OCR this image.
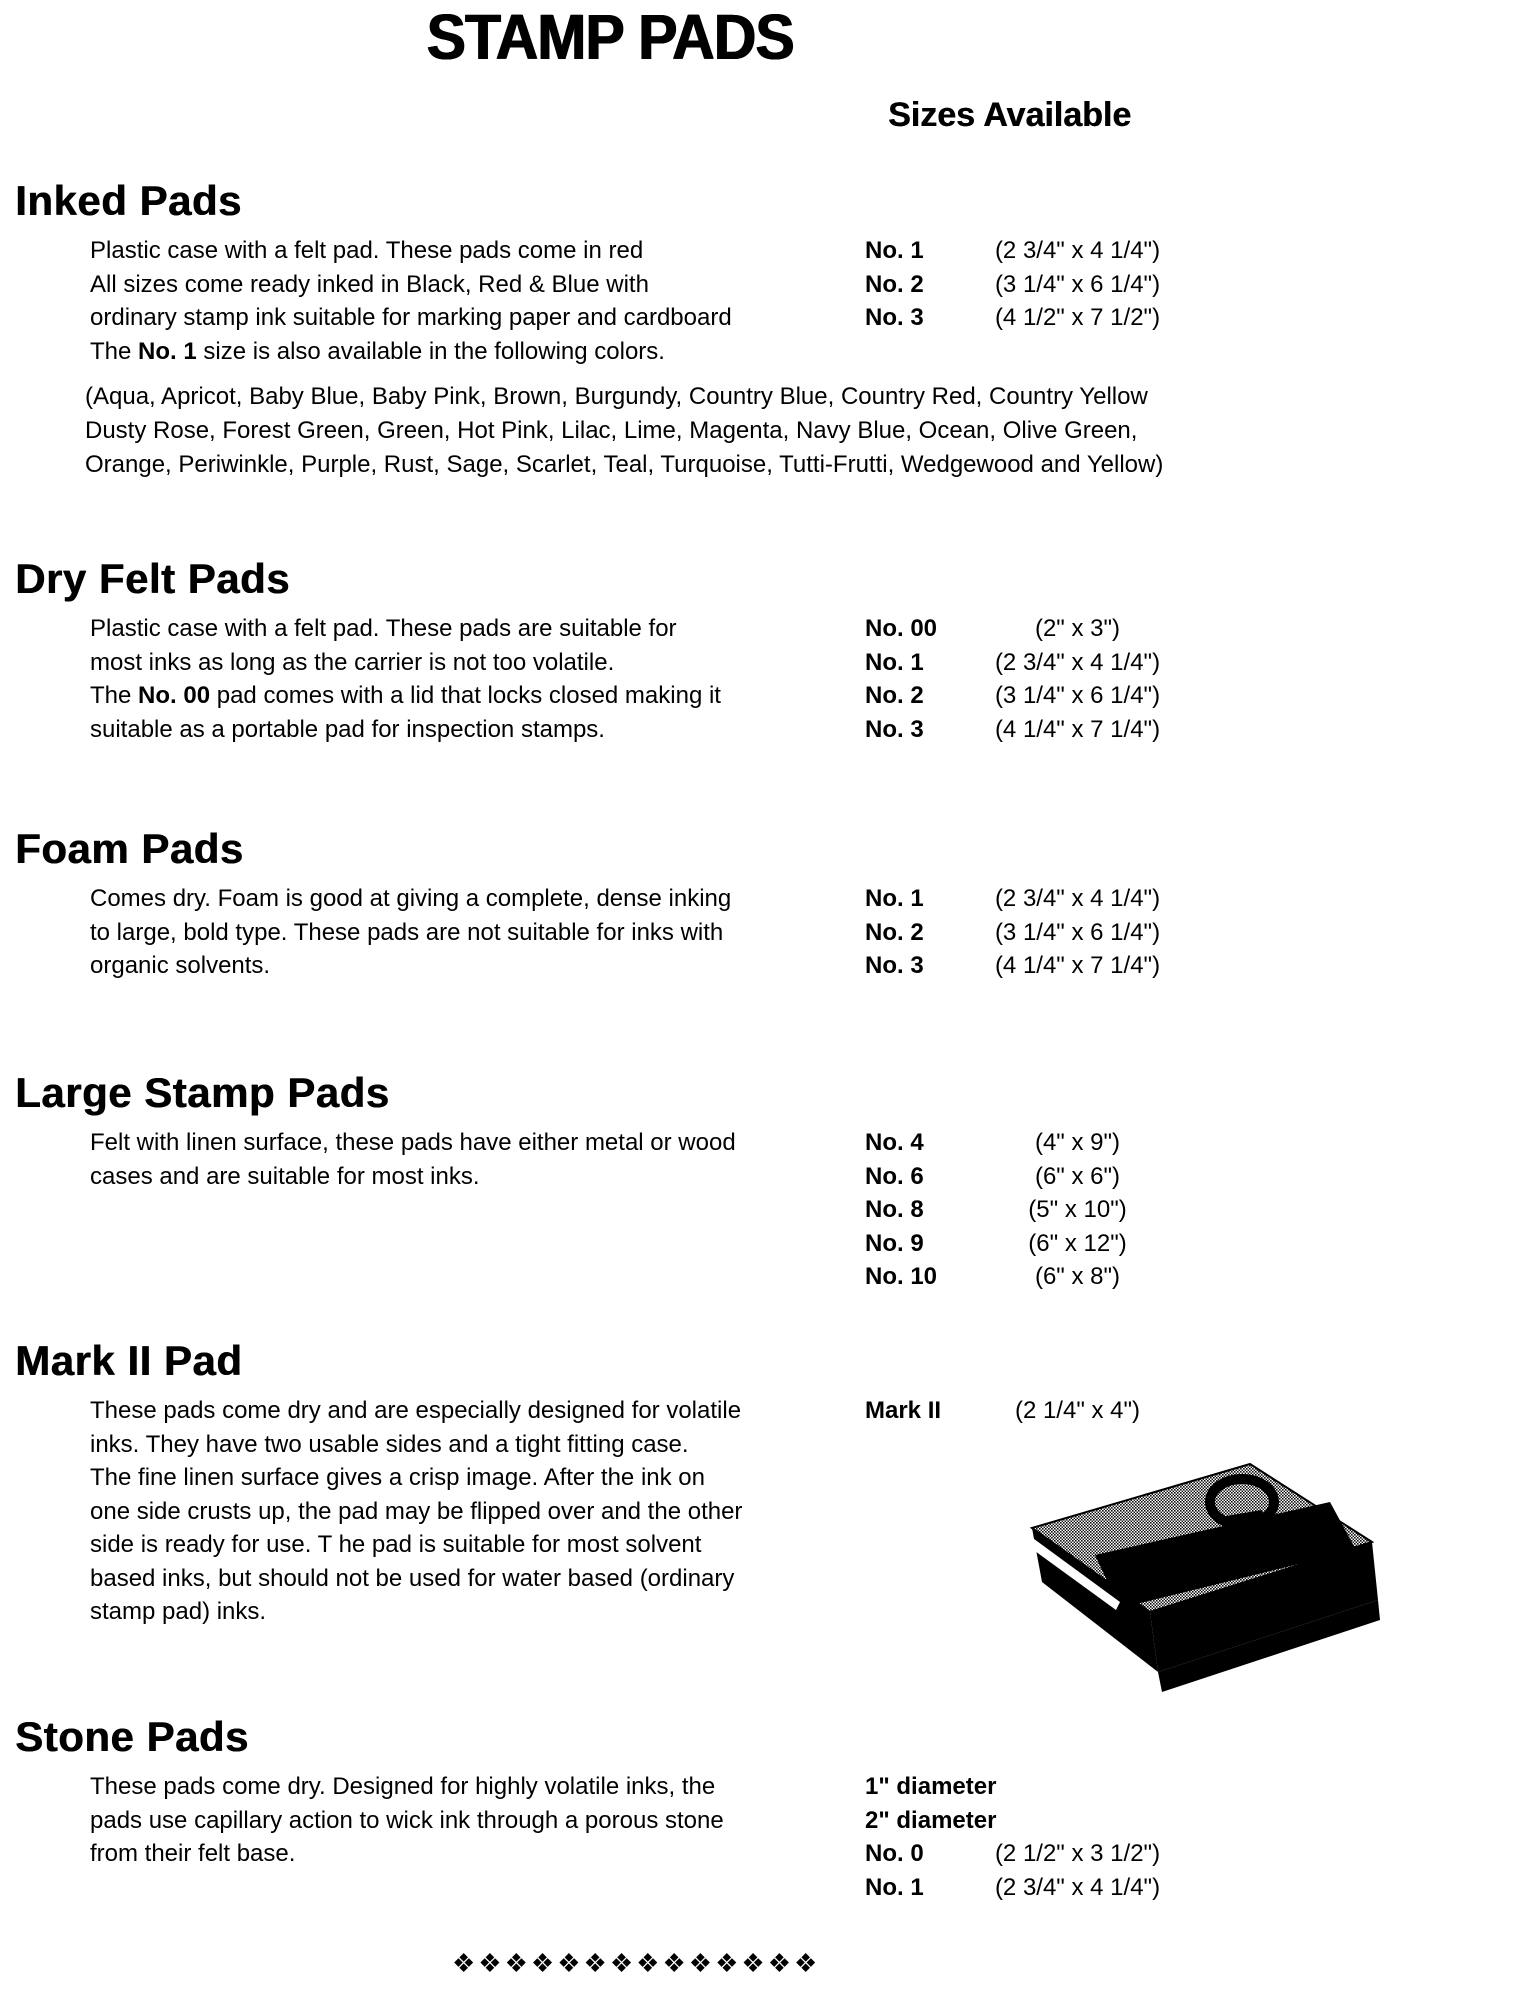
STAMP PADS
Sizes Available
Inked Pads
Plastic case with a felt pad. These pads come in red
All sizes come ready inked in Black, Red & Blue with
ordinary stamp ink suitable for marking paper and cardboard
The No. 1 size is also available in the following colors.
(Aqua, Apricot, Baby Blue, Baby Pink, Brown, Burgundy, Country Blue, Country Red, Country Yellow
Dusty Rose, Forest Green, Green, Hot Pink, Lilac, Lime, Magenta, Navy Blue, Ocean, Olive Green,
Orange, Periwinkle, Purple, Rust, Sage, Scarlet, Teal, Turquoise, Tutti-Frutti, Wedgewood and Yellow)
No. 1	(2 3/4" x 4 1/4")
No. 2	(3 1/4" x 6 1/4")
No. 3	(4 1/2" x 7 1/2")
Dry Felt Pads
Plastic case with a felt pad. These pads are suitable for
most inks as long as the carrier is not too volatile.
The No. 00 pad comes with a lid that locks closed making it
suitable as a portable pad for inspection stamps.
No. 00	(2" x 3")
No. 1	(2 3/4" x 4 1/4")
No. 2	(3 1/4" x 6 1/4")
No. 3	(4 1/4" x 7 1/4")
Foam Pads
Comes dry. Foam is good at giving a complete, dense inking
to large, bold type. These pads are not suitable for inks with
organic solvents.
No. 1	(2 3/4" x 4 1/4")
No. 2	(3 1/4" x 6 1/4")
No. 3	(4 1/4" x 7 1/4")
Large Stamp Pads
Felt with linen surface, these pads have either metal or wood
cases and are suitable for most inks.
No. 4	(4" x 9")
No. 6	(6" x 6")
No. 8	(5" x 10")
No. 9	(6" x 12")
No. 10	(6" x 8")
Mark II Pad
These pads come dry and are especially designed for volatile
inks. They have two usable sides and a tight fitting case.
The fine linen surface gives a crisp image. After the ink on
one side crusts up, the pad may be flipped over and the other
side is ready for use. T he pad is suitable for most solvent
based inks, but should not be used for water based (ordinary
stamp pad) inks.
Mark II	(2 1/4" x 4")
Stone Pads
These pads come dry. Designed for highly volatile inks, the
pads use capillary action to wick ink through a porous stone
from their felt base.
1" diameter
2" diameter
No. 0	(2 1/2" x 3 1/2")
No. 1	(2 3/4" x 4 1/4")
❖❖❖❖❖❖❖❖❖❖❖❖❖❖
